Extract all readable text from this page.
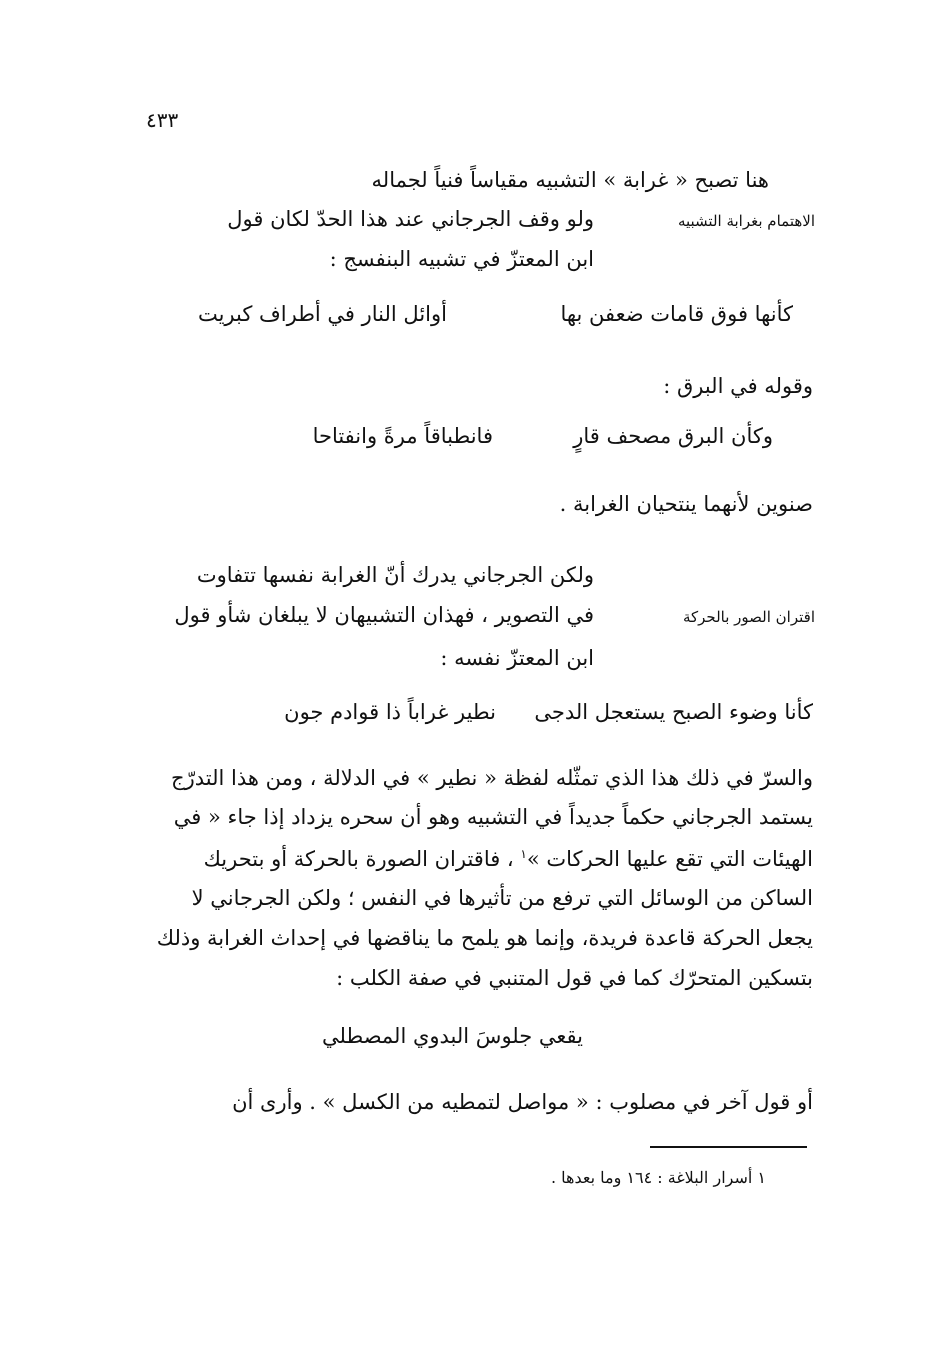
٤٣٣
هنا تصبح « غرابة » التشبيه مقياساً فنياً لجماله
الاهتمام بغرابة التشبيه
ولو وقف الجرجاني عند هذا الحدّ لكان قول
ابن المعتزّ في تشبيه البنفسج :
كأنها فوق قامات ضعفن بها
أوائل النار في أطراف كبريت
وقوله في البرق :
وكأن البرق مصحف قارٍ
فانطباقاً مرةً وانفتاحا
صنوين لأنهما ينتحيان الغرابة .
ولكن الجرجاني يدرك أنّ الغرابة نفسها تتفاوت
اقتران الصور بالحركة
في التصوير ، فهذان التشبيهان لا يبلغان شأو قول
ابن المعتزّ نفسه :
كأنا وضوء الصبح يستعجل الدجى
نطير غراباً ذا قوادم جون
والسرّ في ذلك هذا الذي تمثّله لفظة « نطير » في الدلالة ، ومن هذا التدرّج
يستمد الجرجاني حكماً جديداً في التشبيه وهو أن سحره يزداد إذا جاء « في
الهيئات التي تقع عليها الحركات »$^١$ ، فاقتران الصورة بالحركة أو بتحريك
الساكن من الوسائل التي ترفع من تأثيرها في النفس ؛ ولكن الجرجاني لا
يجعل الحركة قاعدة فريدة، وإنما هو يلمح ما يناقضها في إحداث الغرابة وذلك
بتسكين المتحرّك كما في قول المتنبي في صفة الكلب :
يقعي جلوسَ البدوي المصطلي
أو قول آخر في مصلوب : « مواصل لتمطيه من الكسل » . وأرى أن
١ أسرار البلاغة : ١٦٤ وما بعدها .
